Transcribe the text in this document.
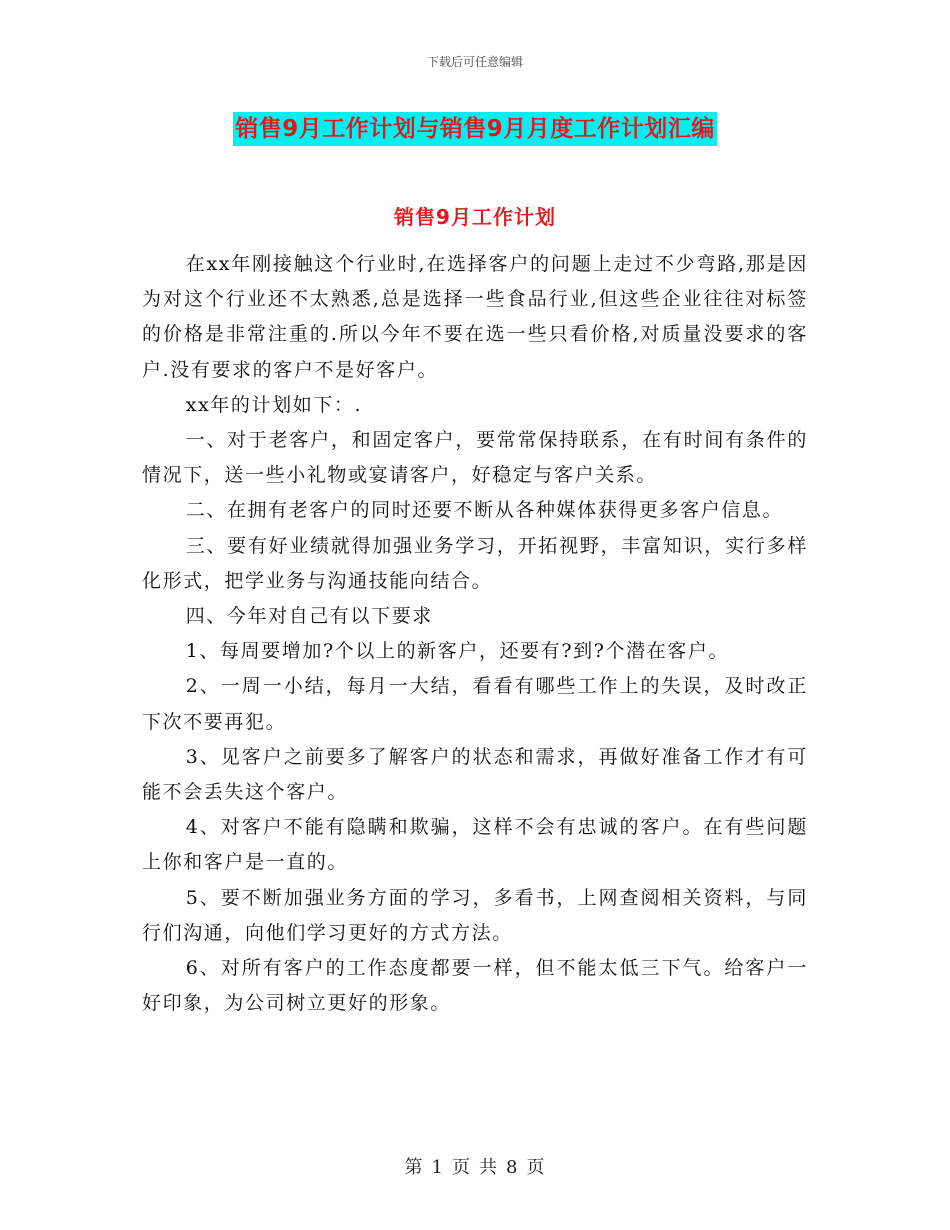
下载后可任意编辑
销售9月工作计划与销售9月月度工作计划汇编
销售9月工作计划

在xx年刚接触这个行业时,在选择客户的问题上走过不少弯路,那是因为对这个行业还不太熟悉,总是选择一些食品行业,但这些企业往往对标签的价格是非常注重的.所以今年不要在选一些只看价格,对质量没要求的客户.没有要求的客户不是好客户。

xx年的计划如下：.

一、对于老客户，和固定客户，要常常保持联系，在有时间有条件的情况下，送一些小礼物或宴请客户，好稳定与客户关系。

二、在拥有老客户的同时还要不断从各种媒体获得更多客户信息。

三、要有好业绩就得加强业务学习，开拓视野，丰富知识，实行多样化形式，把学业务与沟通技能向结合。

四、今年对自己有以下要求

1、每周要增加?个以上的新客户，还要有?到?个潜在客户。

2、一周一小结，每月一大结，看看有哪些工作上的失误，及时改正下次不要再犯。

3、见客户之前要多了解客户的状态和需求，再做好准备工作才有可能不会丢失这个客户。

4、对客户不能有隐瞒和欺骗，这样不会有忠诚的客户。在有些问题上你和客户是一直的。

5、要不断加强业务方面的学习，多看书，上网查阅相关资料，与同行们沟通，向他们学习更好的方式方法。

6、对所有客户的工作态度都要一样，但不能太低三下气。给客户一好印象，为公司树立更好的形象。

第 1 页 共 8 页
